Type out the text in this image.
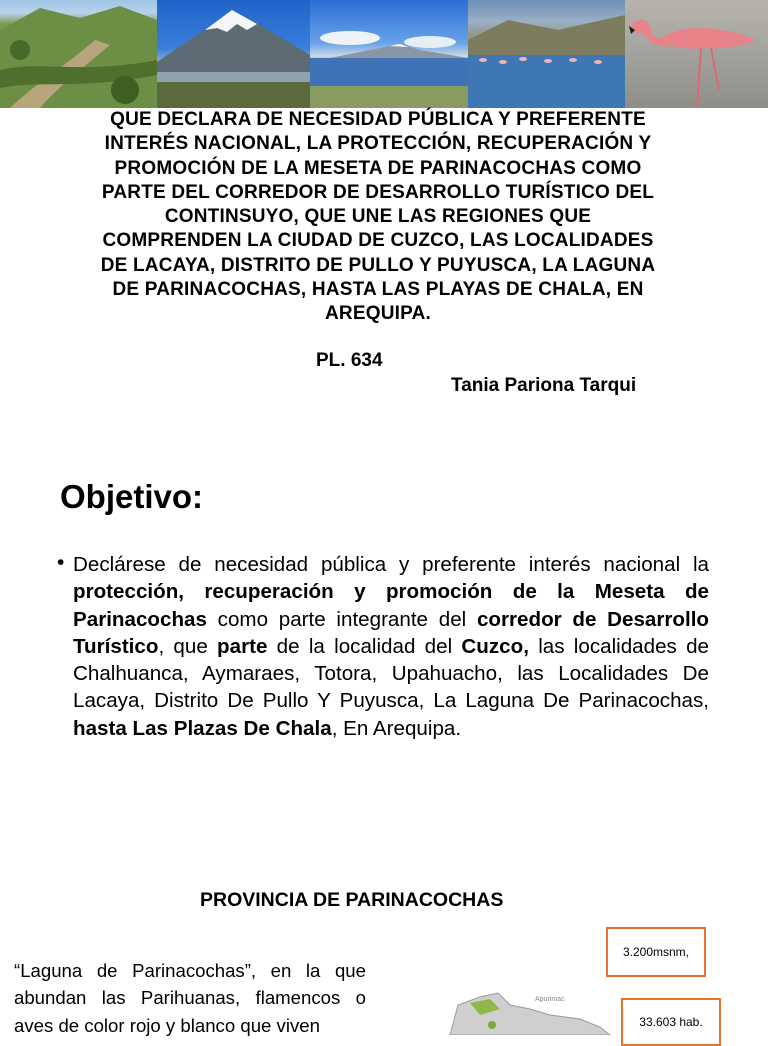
QUE DECLARA DE NECESIDAD PÚBLICA Y PREFERENTE
INTERÉS NACIONAL, LA PROTECCIÓN, RECUPERACIÓN Y
PROMOCIÓN DE LA MESETA DE PARINACOCHAS COMO
PARTE DEL CORREDOR DE DESARROLLO TURÍSTICO DEL
CONTINSUYO, QUE UNE LAS REGIONES QUE
COMPRENDEN LA CIUDAD DE CUZCO, LAS LOCALIDADES
DE LACAYA, DISTRITO DE PULLO Y PUYUSCA, LA LAGUNA
DE PARINACOCHAS, HASTA LAS PLAYAS DE CHALA, EN
AREQUIPA.
PL. 634
Tania Pariona Tarqui
Objetivo:
• Declárese de necesidad pública y preferente interés nacional la protección, recuperación y promoción de la Meseta de Parinacochas como parte integrante del corredor de Desarrollo Turístico, que parte de la localidad del Cuzco, las localidades de Chalhuanca, Aymaraes, Totora, Upahuacho, las Localidades De Lacaya, Distrito De Pullo Y Puyusca, La Laguna De Parinacochas, hasta Las Plazas De Chala, En Arequipa.
PROVINCIA DE PARINACOCHAS
“Laguna de Parinacochas”, en la que abundan las Parihuanas, flamencos o aves de color rojo y blanco que viven
Apurimac
3.200msnm,
33.603 hab.
